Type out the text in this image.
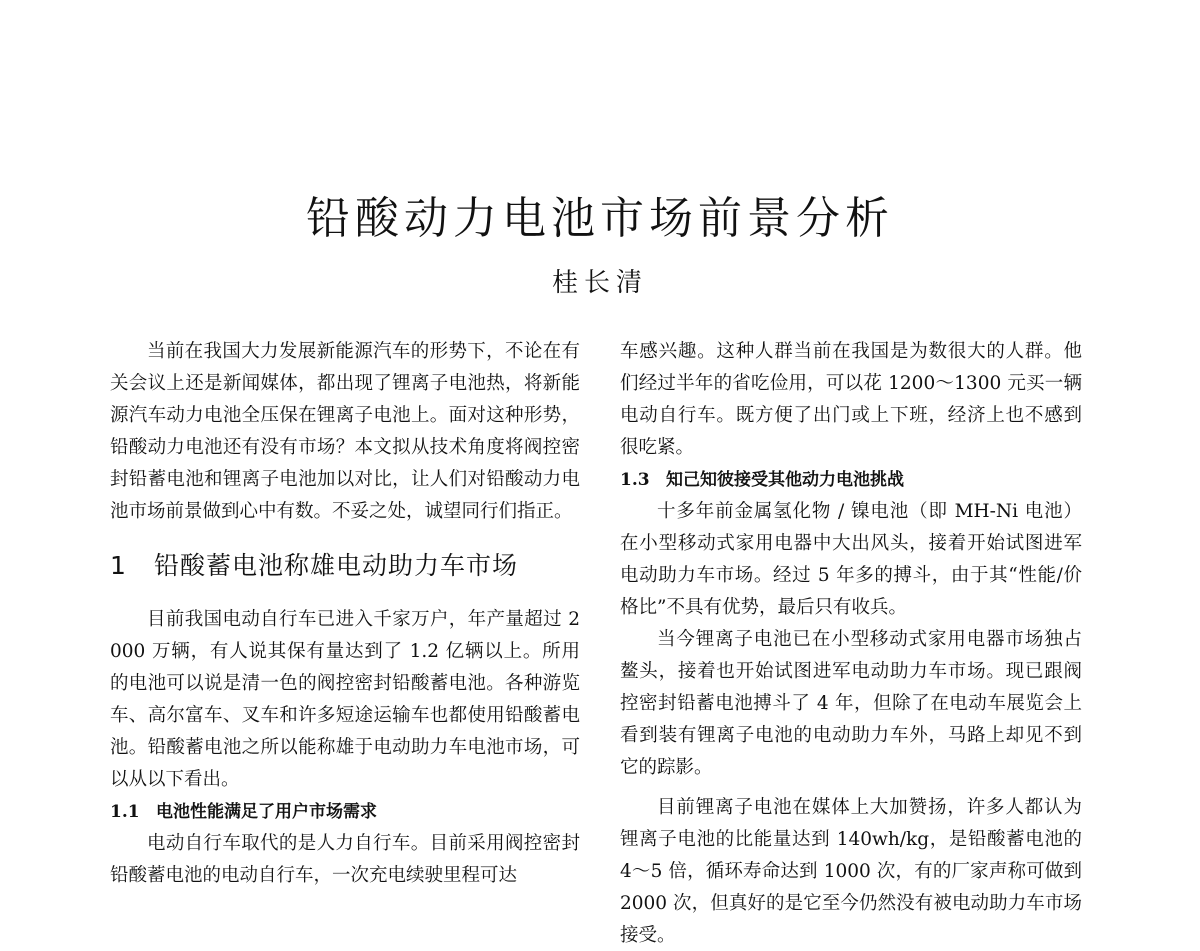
铅酸动力电池市场前景分析
桂长清

当前在我国大力发展新能源汽车的形势下，不论在有关会议上还是新闻媒体，都出现了锂离子电池热，将新能源汽车动力电池全压保在锂离子电池上。面对这种形势，铅酸动力电池还有没有市场？本文拟从技术角度将阀控密封铅蓄电池和锂离子电池加以对比，让人们对铅酸动力电池市场前景做到心中有数。不妥之处，诚望同行们指正。

1 铅酸蓄电池称雄电动助力车市场

目前我国电动自行车已进入千家万户，年产量超过 2000 万辆，有人说其保有量达到了 1.2 亿辆以上。所用的电池可以说是清一色的阀控密封铅酸蓄电池。各种游览车、高尔富车、叉车和许多短途运输车也都使用铅酸蓄电池。铅酸蓄电池之所以能称雄于电动助力车电池市场，可以从以下看出。

1.1 电池性能满足了用户市场需求

电动自行车取代的是人力自行车。目前采用阀控密封铅酸蓄电池的电动自行车，一次充电续驶里程可达

车感兴趣。这种人群当前在我国是为数很大的人群。他们经过半年的省吃俭用，可以花 1200～1300 元买一辆电动自行车。既方便了出门或上下班，经济上也不感到很吃紧。

1.3 知己知彼接受其他动力电池挑战

十多年前金属氢化物 / 镍电池（即 MH-Ni 电池）在小型移动式家用电器中大出风头，接着开始试图进军电动助力车市场。经过 5 年多的搏斗，由于其“性能/价格比”不具有优势，最后只有收兵。

当今锂离子电池已在小型移动式家用电器市场独占鳌头，接着也开始试图进军电动助力车市场。现已跟阀控密封铅蓄电池搏斗了 4 年，但除了在电动车展览会上看到装有锂离子电池的电动助力车外，马路上却见不到它的踪影。

目前锂离子电池在媒体上大加赞扬，许多人都认为锂离子电池的比能量达到 140wh/kg，是铅酸蓄电池的 4～5 倍，循环寿命达到 1000 次，有的厂家声称可做到 2000 次，但真好的是它至今仍然没有被电动助力车市场接受。
